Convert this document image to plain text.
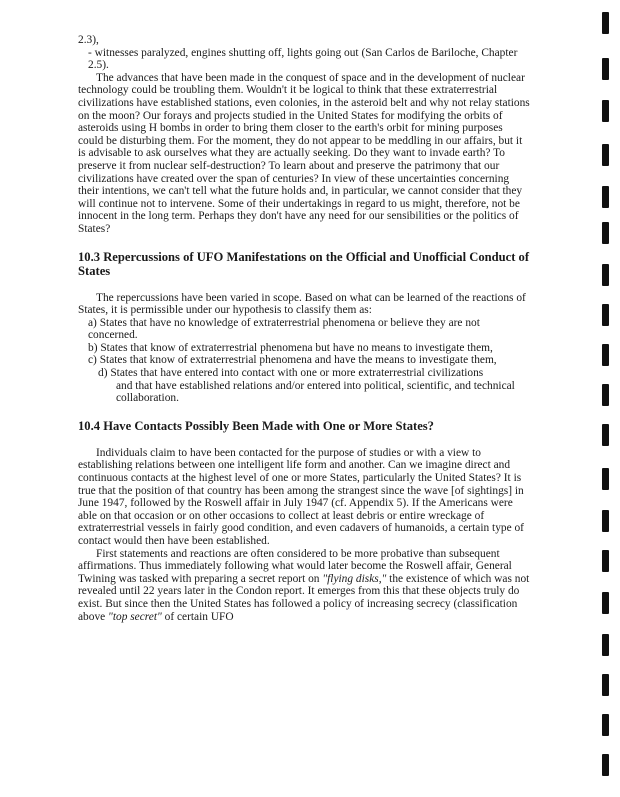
2.3),

- witnesses paralyzed, engines shutting off, lights going out (San Carlos de Bariloche, Chapter 2.5).

The advances that have been made in the conquest of space and in the development of nuclear technology could be troubling them. Wouldn't it be logical to think that these extraterrestrial civilizations have established stations, even colonies, in the asteroid belt and why not relay stations on the moon? Our forays and projects studied in the United States for modifying the orbits of asteroids using H bombs in order to bring them closer to the earth's orbit for mining purposes could be disturbing them. For the moment, they do not appear to be meddling in our affairs, but it is advisable to ask ourselves what they are actually seeking. Do they want to invade earth? To preserve it from nuclear self-destruction? To learn about and preserve the patrimony that our civilizations have created over the span of centuries? In view of these uncertainties concerning their intentions, we can't tell what the future holds and, in particular, we cannot consider that they will continue not to intervene. Some of their undertakings in regard to us might, therefore, not be innocent in the long term. Perhaps they don't have any need for our sensibilities or the politics of States?

10.3 Repercussions of UFO Manifestations on the Official and Unofficial Conduct of States

The repercussions have been varied in scope. Based on what can be learned of the reactions of States, it is permissible under our hypothesis to classify them as:

a) States that have no knowledge of extraterrestrial phenomena or believe they are not concerned.

b) States that know of extraterrestrial phenomena but have no means to investigate them,

c) States that know of extraterrestrial phenomena and have the means to investigate them,

d) States that have entered into contact with one or more extraterrestrial civilizations

and that have established relations and/or entered into political, scientific, and technical collaboration.

10.4 Have Contacts Possibly Been Made with One or More States?

Individuals claim to have been contacted for the purpose of studies or with a view to establishing relations between one intelligent life form and another. Can we imagine direct and continuous contacts at the highest level of one or more States, particularly the United States? It is true that the position of that country has been among the strangest since the wave [of sightings] in June 1947, followed by the Roswell affair in July 1947 (cf. Appendix 5). If the Americans were able on that occasion or on other occasions to collect at least debris or entire wreckage of extraterrestrial vessels in fairly good condition, and even cadavers of humanoids, a certain type of contact would then have been established.

First statements and reactions are often considered to be more probative than subsequent affirmations. Thus immediately following what would later become the Roswell affair, General Twining was tasked with preparing a secret report on "flying disks," the existence of which was not revealed until 22 years later in the Condon report. It emerges from this that these objects truly do exist. But since then the United States has followed a policy of increasing secrecy (classification above "top secret" of certain UFO
